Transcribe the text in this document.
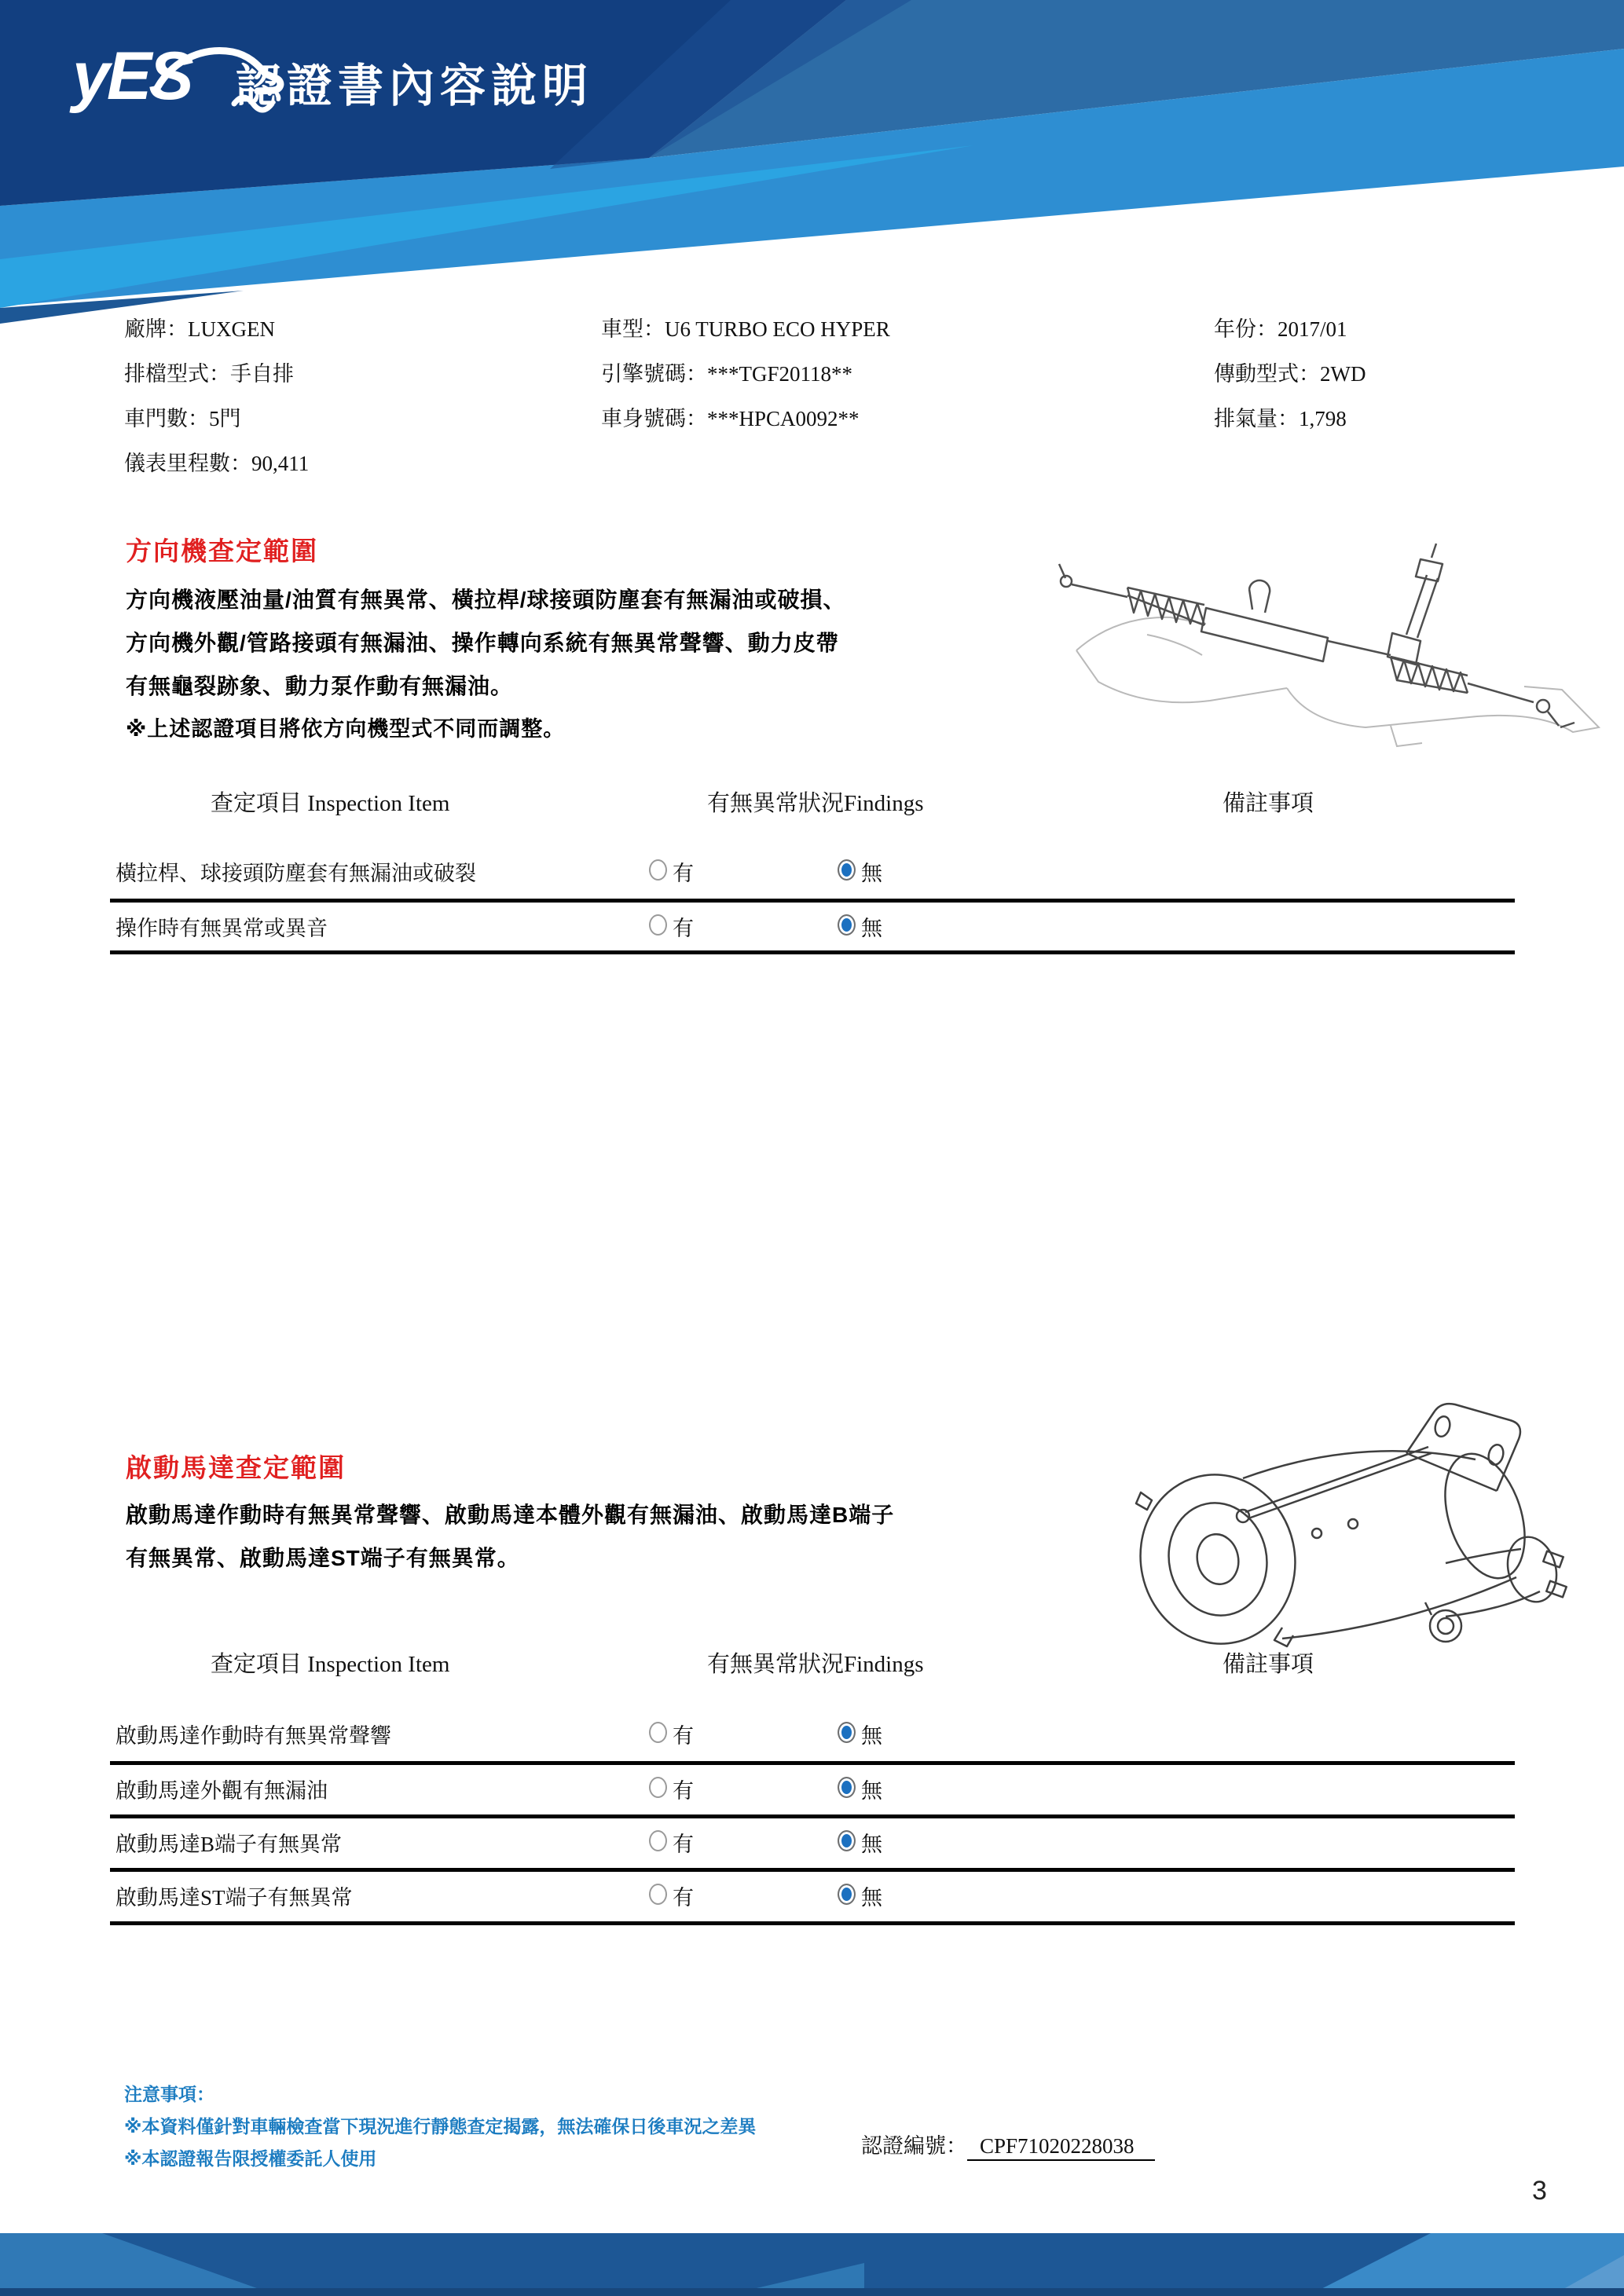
yES 認證書內容說明
廠牌：LUXGEN
排檔型式：手自排
車門數：5門
儀表里程數：90,411
車型：U6 TURBO ECO HYPER
引擎號碼：***TGF20118**
車身號碼：***HPCA0092**
年份：2017/01
傳動型式：2WD
排氣量：1,798
方向機查定範圍
方向機液壓油量/油質有無異常、橫拉桿/球接頭防塵套有無漏油或破損、
方向機外觀/管路接頭有無漏油、操作轉向系統有無異常聲響、動力皮帶
有無龜裂跡象、動力泵作動有無漏油。
※上述認證項目將依方向機型式不同而調整。
查定項目 Inspection Item	有無異常狀況Findings	備註事項
橫拉桿、球接頭防塵套有無漏油或破裂	有	無
操作時有無異常或異音	有	無
啟動馬達查定範圍
啟動馬達作動時有無異常聲響、啟動馬達本體外觀有無漏油、啟動馬達B端子
有無異常、啟動馬達ST端子有無異常。
查定項目 Inspection Item	有無異常狀況Findings	備註事項
啟動馬達作動時有無異常聲響	有	無
啟動馬達外觀有無漏油	有	無
啟動馬達B端子有無異常	有	無
啟動馬達ST端子有無異常	有	無
注意事項：
※本資料僅針對車輛檢查當下現況進行靜態查定揭露，無法確保日後車況之差異
※本認證報告限授權委託人使用
認證編號： CPF71020228038
3
